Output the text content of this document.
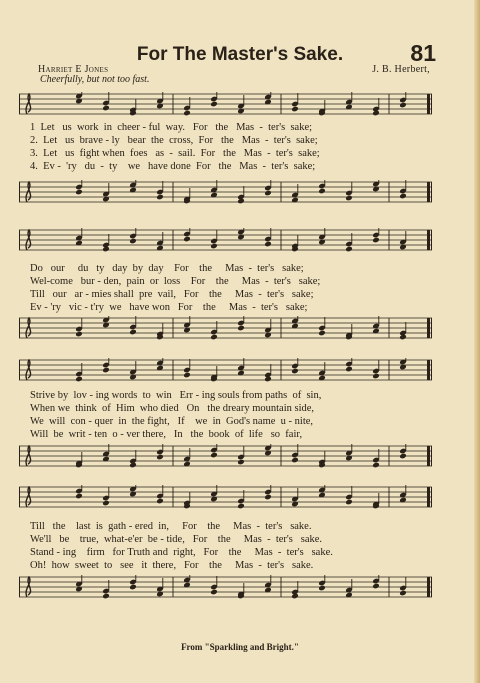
For The Master's Sake.	81
Harriet E Jones	J. B. Herbert,
Cheerfully, but not too fast.
1  Let   us  work  in  cheer - ful  way.   For   the   Mas  -  ter's  sake;
2.  Let   us  brave - ly   bear  the  cross,  For   the   Mas  -  ter's  sake;
3.  Let   us  fight when  foes   as  -  sail.  For   the   Mas  -  ter's  sake;
4.  Ev -  'ry   du  -  ty    we   have done  For   the   Mas  -  ter's  sake;
Do   our     du   ty   day  by  day    For    the     Mas  -  ter's   sake;
Wel-come   bur - den,  pain  or  loss    For    the     Mas  -  ter's   sake;
Till   our   ar - mies shall  pre  vail,   For    the     Mas  -  ter's   sake;
Ev - 'ry   vic - t'ry  we   have won   For    the     Mas  -  ter's   sake;
Strive by  lov - ing words  to  win   Err - ing souls from paths  of  sin,
When we  think  of  Him  who died   On   the dreary mountain side,
We  will  con - quer  in  the fight,   If    we  in  God's name  u - nite,
Will  be  writ - ten  o - ver there,   In   the  book  of  life   so  fair,
Till   the    last  is  gath - ered  in,     For    the     Mas  -  ter's   sake.
We'll   be    true,  what-e'er  be - tide,   For    the     Mas  -  ter's   sake.
Stand - ing    firm   for Truth and  right,   For    the     Mas  -  ter's   sake.
Oh!  how  sweet  to   see   it  there,   For    the     Mas  -  ter's   sake.
From "Sparkling and Bright."
